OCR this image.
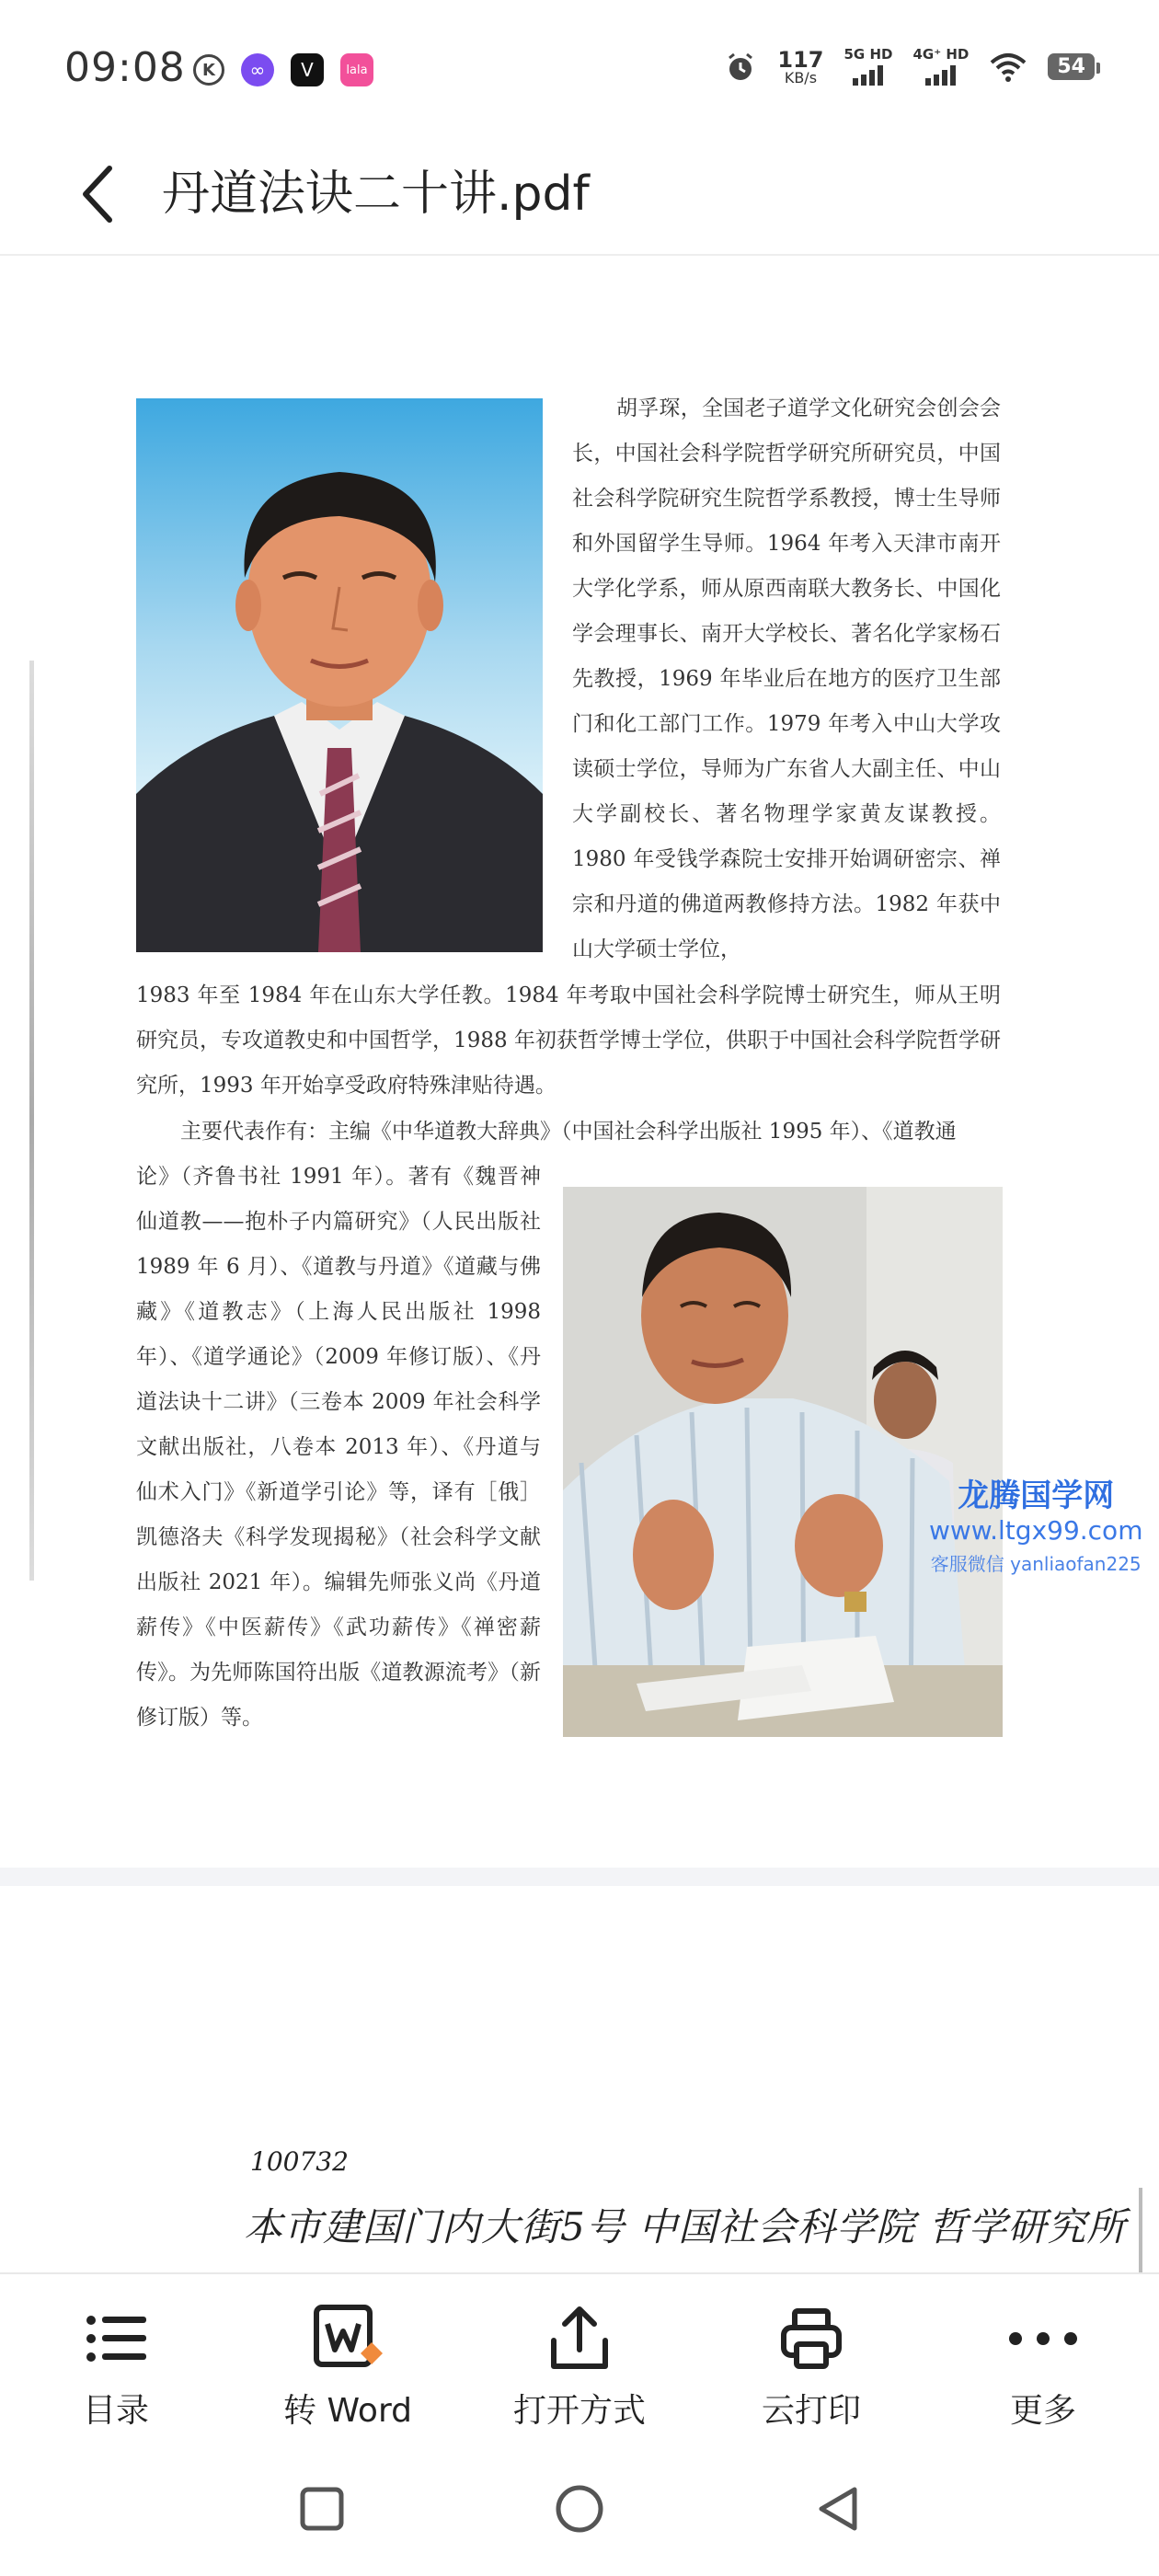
09:08	K	∞	V	lala	117
KB/s
5G HD 4G⁺ HD
54
丹道法诀二十讲.pdf

胡孚琛，全国老子道学文化研究会创会会长，中国社会科学院哲学研究所研究员，中国社会科学院研究生院哲学系教授，博士生导师和外国留学生导师。1964 年考入天津市南开大学化学系，师从原西南联大教务长、中国化学会理事长、南开大学校长、著名化学家杨石先教授，1969 年毕业后在地方的医疗卫生部门和化工部门工作。1979 年考入中山大学攻读硕士学位，导师为广东省人大副主任、中山大学副校长、著名物理学家黄友谋教授。1980 年受钱学森院士安排开始调研密宗、禅宗和丹道的佛道两教修持方法。1982 年获中山大学硕士学位，

1983 年至 1984 年在山东大学任教。1984 年考取中国社会科学院博士研究生，师从王明研究员，专攻道教史和中国哲学，1988 年初获哲学博士学位，供职于中国社会科学院哲学研究所，1993 年开始享受政府特殊津贴待遇。

主要代表作有：主编《中华道教大辞典》（中国社会科学出版社 1995 年）、《道教通

论》（齐鲁书社 1991 年）。著有《魏晋神仙道教——抱朴子内篇研究》（人民出版社 1989 年 6 月）、《道教与丹道》《道藏与佛藏》《道教志》（上海人民出版社 1998 年）、《道学通论》（2009 年修订版）、《丹道法诀十二讲》（三卷本 2009 年社会科学文献出版社，八卷本 2013 年）、《丹道与仙术入门》《新道学引论》等，译有［俄］凯德洛夫《科学发现揭秘》（社会科学文献出版社 2021 年）。编辑先师张义尚《丹道薪传》《中医薪传》《武功薪传》《禅密薪传》。为先师陈国符出版《道教源流考》（新修订版）等。

龙腾国学网
www.ltgx99.com
客服微信 yanliaofan225
100732
本市建国门内大街5号 中国社会科学院 哲学研究所
目录	转 Word	打开方式	云打印	更多
